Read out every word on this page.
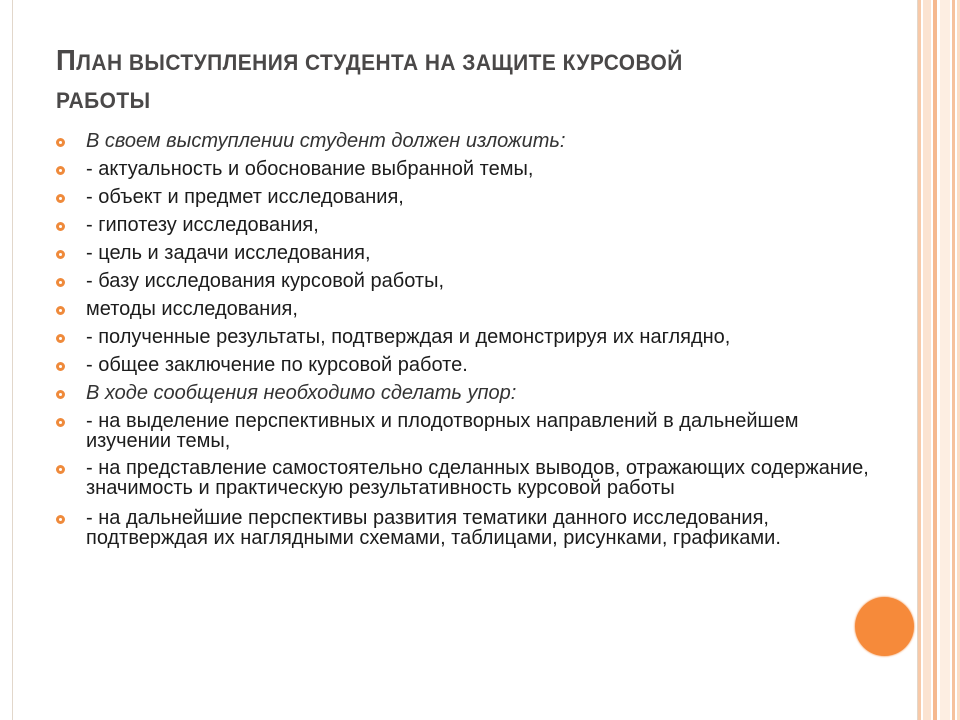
ПЛАН ВЫСТУПЛЕНИЯ СТУДЕНТА НА ЗАЩИТЕ КУРСОВОЙ РАБОТЫ
В своем выступлении студент должен изложить:
- актуальность и обоснование выбранной темы,
- объект и предмет исследования,
- гипотезу исследования,
- цель и задачи исследования,
- базу исследования курсовой работы,
методы исследования,
- полученные результаты, подтверждая и демонстрируя их наглядно,
- общее заключение по курсовой работе.
В ходе сообщения необходимо сделать упор:
- на выделение перспективных и плодотворных направлений в дальнейшем изучении темы,
- на представление самостоятельно сделанных выводов, отражающих содержание, значимость и практическую результативность курсовой работы
- на дальнейшие перспективы развития тематики данного исследования, подтверждая их наглядными схемами, таблицами, рисунками, графиками.
